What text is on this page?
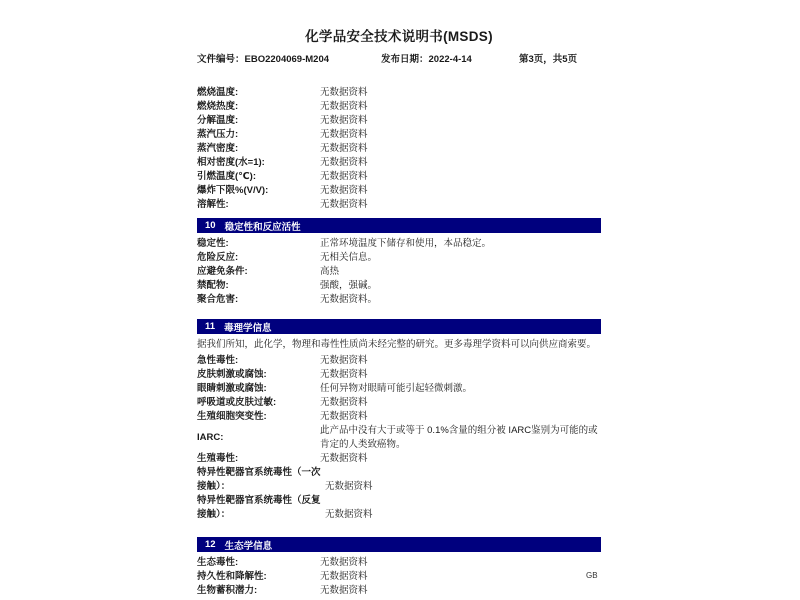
化学品安全技术说明书(MSDS)
文件编号：EBO2204069-M204	发布日期：2022-4-14	第3页，共5页
燃烧温度:	无数据资料
燃烧热度:	无数据资料
分解温度:	无数据资料
蒸汽压力:	无数据资料
蒸汽密度:	无数据资料
相对密度(水=1):	无数据资料
引燃温度(℃):	无数据资料
爆炸下限%(V/V):	无数据资料
溶解性:	无数据资料
10 稳定性和反应活性
稳定性:	正常环境温度下储存和使用，本品稳定。
危险反应:	无相关信息。
应避免条件:	高热
禁配物:	强酸，强碱。
聚合危害:	无数据资料。
11 毒理学信息

据我们所知，此化学，物理和毒性性质尚未经完整的研究。更多毒理学资料可以向供应商索要。

急性毒性:	无数据资料
皮肤刺激或腐蚀:	无数据资料
眼睛刺激或腐蚀:	任何异物对眼睛可能引起轻微刺激。
呼吸道或皮肤过敏:	无数据资料
生殖细胞突变性:	无数据资料
IARC:
此产品中没有大于或等于 0.1%含量的组分被 IARC鉴别为可能的或肯定的人类致癌物。
生殖毒性:	无数据资料
特异性靶器官系统毒性（一次接触）：	无数据资料
特异性靶器官系统毒性（反复接触）：	无数据资料
12 生态学信息
生态毒性:	无数据资料
持久性和降解性:	无数据资料
生物蓄积潜力:	无数据资料
GB
